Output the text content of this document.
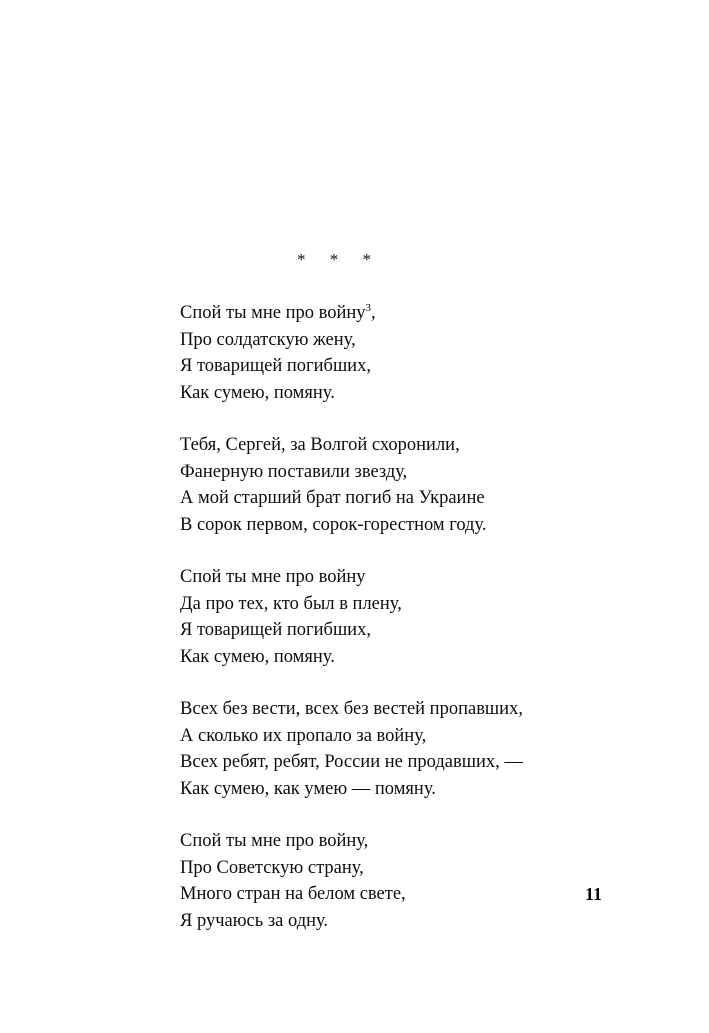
* * *
Спой ты мне про войну$^3$,
Про солдатскую жену,
Я товарищей погибших,
Как сумею, помяну.
Тебя, Сергей, за Волгой схоронили,
Фанерную поставили звезду,
А мой старший брат погиб на Украине
В сорок первом, сорок-горестном году.
Спой ты мне про войну
Да про тех, кто был в плену,
Я товарищей погибших,
Как сумею, помяну.
Всех без вести, всех без вестей пропавших,
А сколько их пропало за войну,
Всех ребят, ребят, России не продавших, —
Как сумею, как умею — помяну.
Спой ты мне про войну,
Про Советскую страну,
Много стран на белом свете,
Я ручаюсь за одну.
11
